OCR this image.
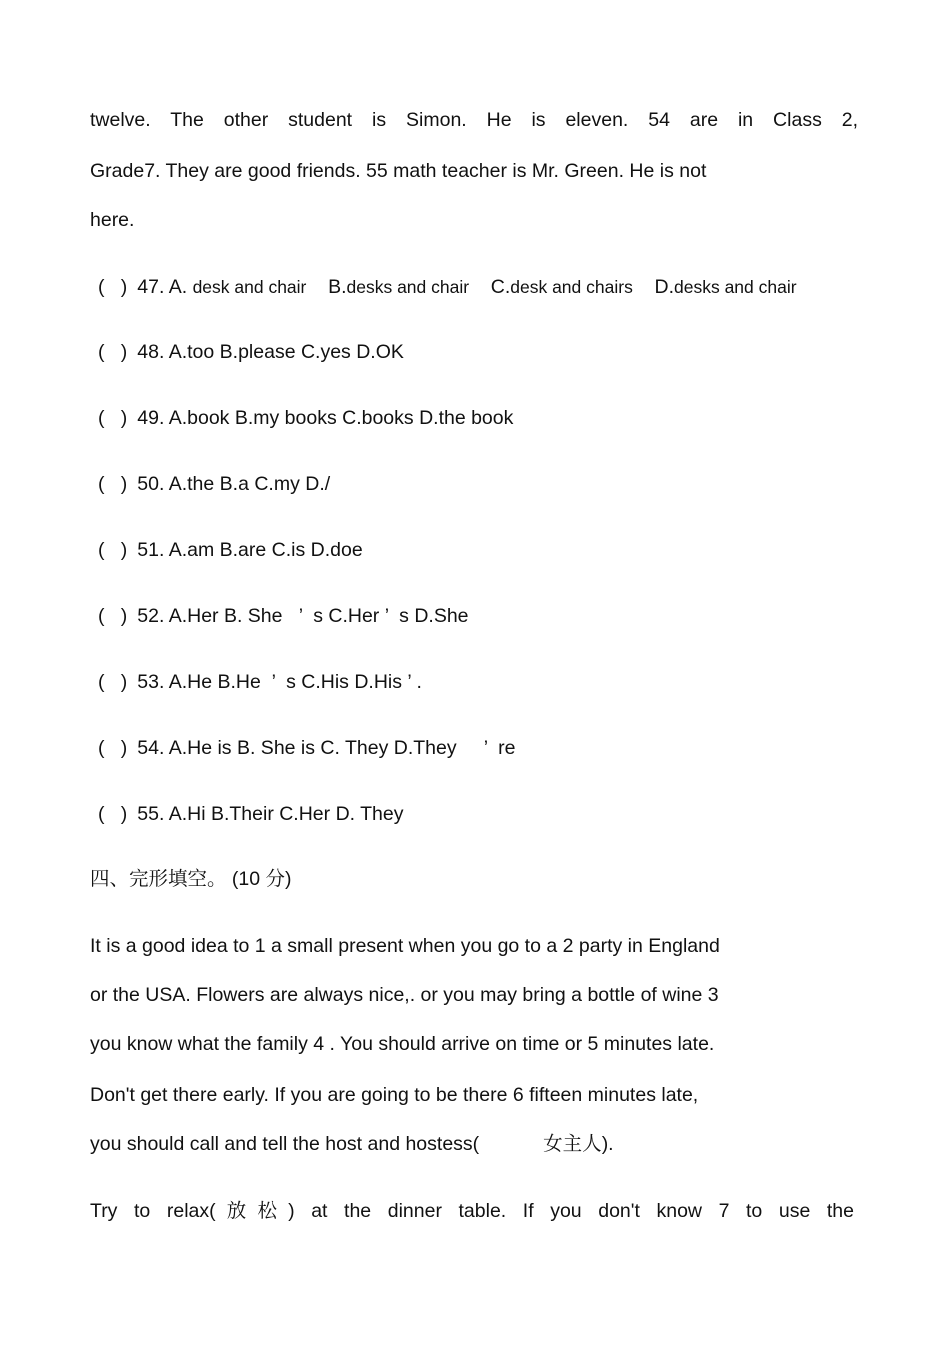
twelve. The other student is Simon. He is eleven. 54 are in Class 2,
Grade7. They are good friends. 55 math teacher is Mr. Green. He is not
here.
(   ) 47. A. desk and chair B.desks and chair C.desk and chairs D.desks and chair
(   ) 48. A.too B.please C.yes D.OK
(   ) 49. A.book B.my books C.books D.the book
(   ) 50. A.the B.a C.my D./
(   ) 51. A.am B.are C.is D.doe
(   ) 52. A.Her B. She   ’  s C.Her ’  s D.She
(   ) 53. A.He B.He  ’  s C.His D.His ’ .
(   ) 54. A.He is B. She is C. They D.They     ’  re
(   ) 55. A.Hi B.Their C.Her D. They
四、完形填空。 (10 分)
It is a good idea to 1 a small present when you go to a 2 party in England
or the USA. Flowers are always nice,. or you may bring a bottle of wine 3
you know what the family 4 . You should arrive on time or 5 minutes late.
Don't get there early. If you are going to be there 6 fifteen minutes late,
you should call and tell the host and hostess(	女主人).
Try to relax(放松) at the dinner table. If you don't know 7 to use the
